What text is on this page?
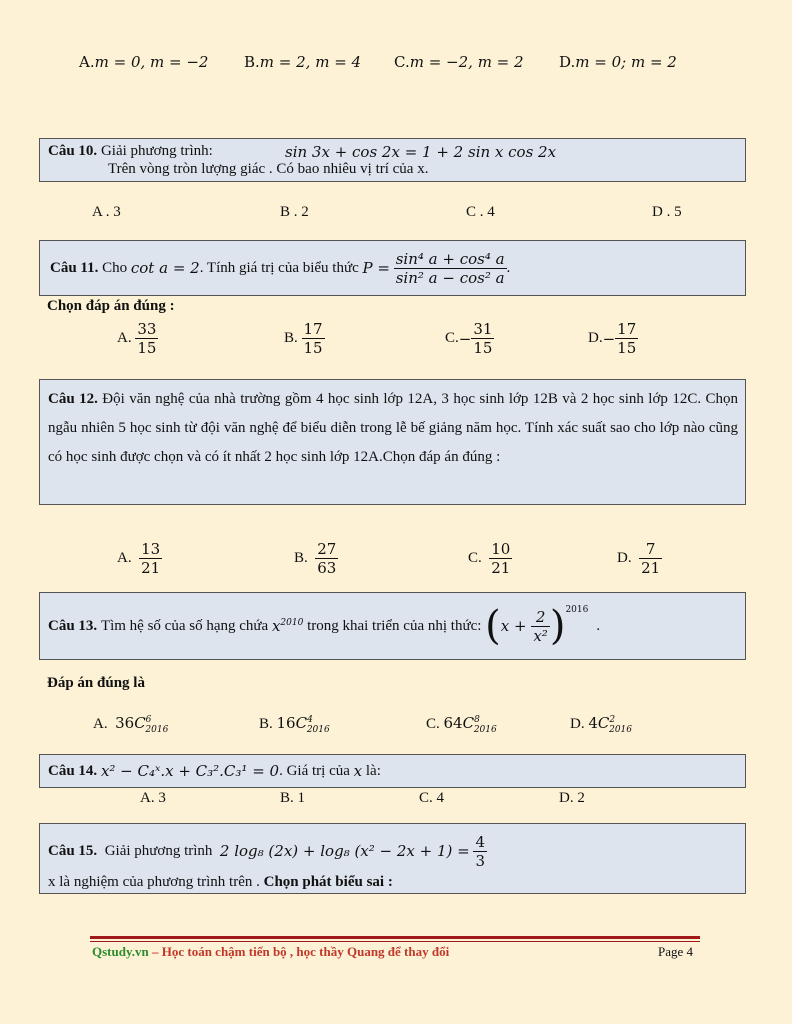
A.m = 0, m = −2 B.m = 2, m = 4 C.m = −2, m = 2 D.m = 0; m = 2
Câu 10. Giải phương trình:	sin 3x + cos 2x = 1 + 2 sin x cos 2x
Trên vòng tròn lượng giác . Có bao nhiêu vị trí của x.
A . 3	B . 2	C . 4	D . 5
Câu 11.
Cho
cot a = 2 . Tính giá trị của biểu thức
P =
$\frac{\text{sin⁴ a + cos⁴ a}}{\text{sin² a − cos² a}}$ .
Chọn đáp án đúng :
A.
$\frac{33}{15}$	B.
$\frac{17}{15}$	C. − $\frac{31}{15}$	D. − $\frac{17}{15}$
Câu 12. Đội văn nghệ của nhà trường gồm 4 học sinh lớp 12A, 3 học sinh lớp 12B và 2 học sinh lớp 12C. Chọn ngẫu nhiên 5 học sinh từ đội văn nghệ để biểu diễn trong lễ bế giảng năm học. Tính xác suất sao cho lớp nào cũng có học sinh được chọn và có ít nhất 2 học sinh lớp 12A.Chọn đáp án đúng :
A.
$\frac{13}{21}$	B.
$\frac{27}{63}$	C.
$\frac{10}{21}$	D.
$\frac{7}{21}$
Câu 13.
Tìm hệ số của số hạng chứa
$x^{2010}$
trong khai triển của nhị thức:
( x +
$\frac{2}{\text{x²}}$ ) 2016
.
Đáp án đúng là
A. $36C^6_{2016}$	B. $16C^4_{2016}$	C. $64C^8_{2016}$	D. $4C^2_{2016}$
Câu 14.
x² − C₄ˣ.x + C₃².C₃¹ = 0 . Giá trị của
x
là:
A. 3	B. 1	C. 4	D. 2
Câu 15.
Giải phương trình
2 log₈ (2x) + log₈ (x² − 2x + 1) =
$\frac{4}{3}$
x là nghiệm của phương trình trên . Chọn phát biểu sai :
Qstudy.vn – Học toán chậm tiến bộ , học thầy Quang để thay đổi	Page 4
